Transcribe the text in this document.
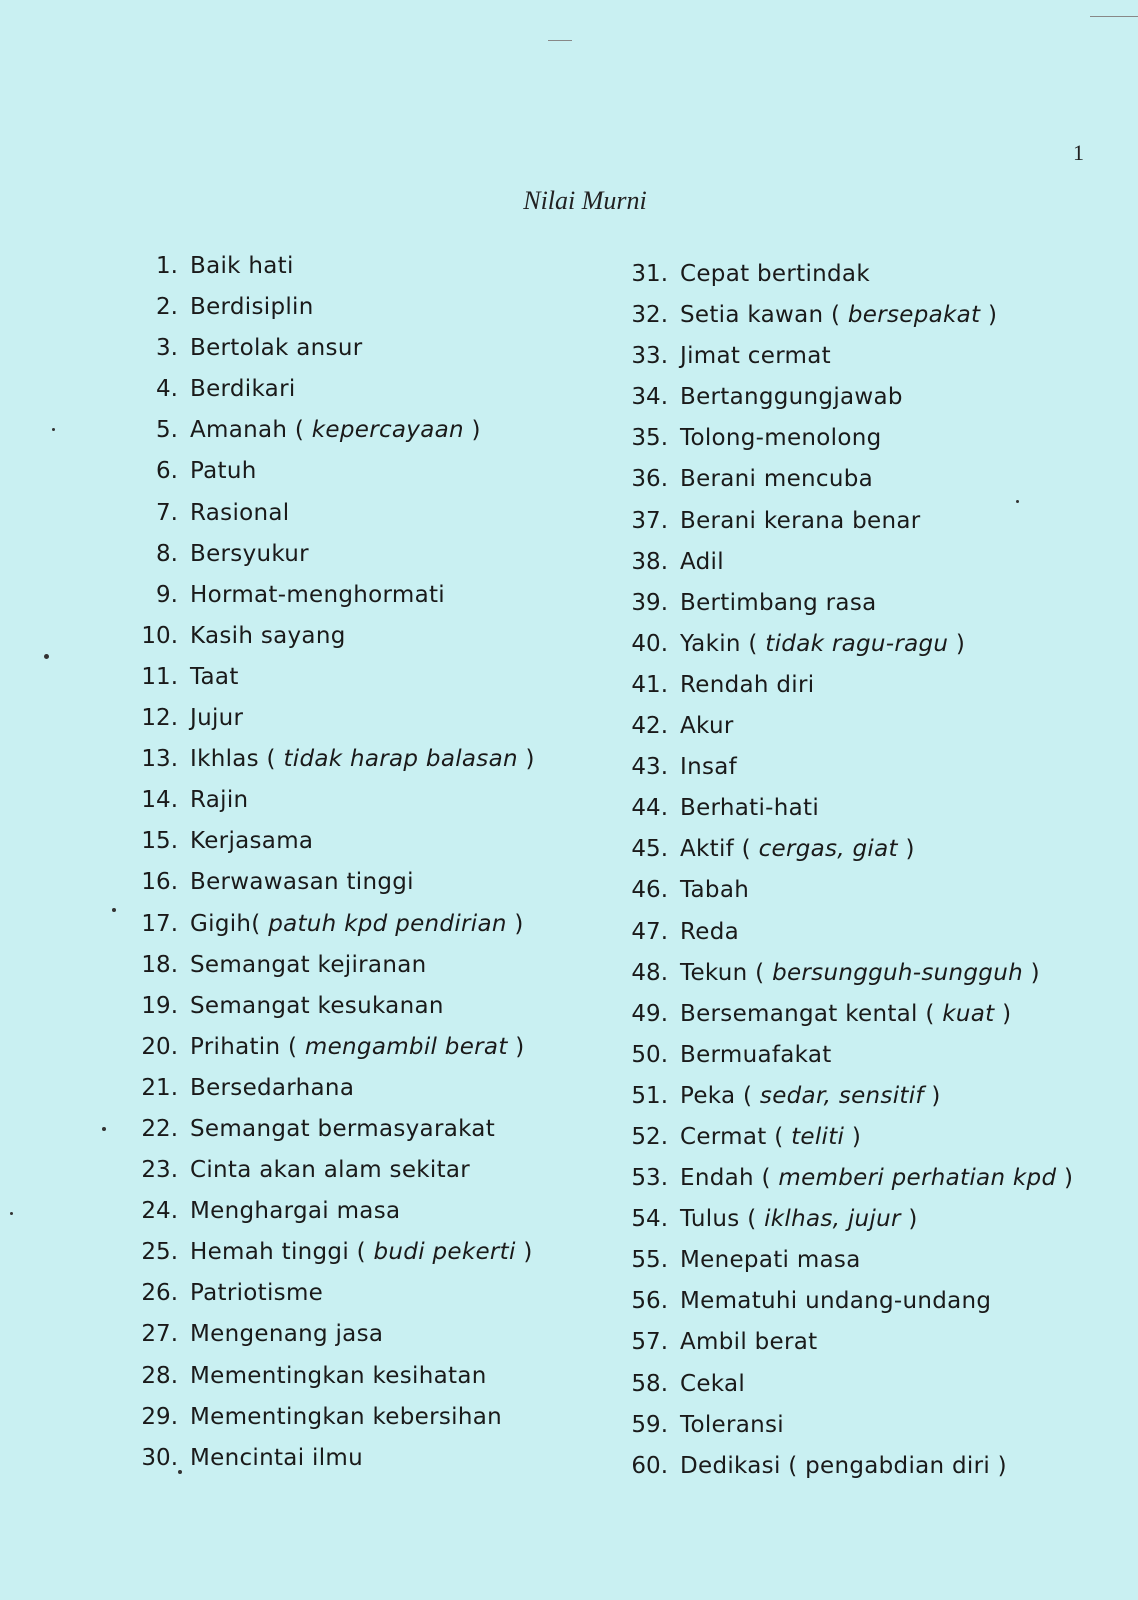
1
Nilai Murni
1. Baik hati
2. Berdisiplin
3. Bertolak ansur
4. Berdikari
5. Amanah ( kepercayaan )
6. Patuh
7. Rasional
8. Bersyukur
9. Hormat-menghormati
10. Kasih sayang
11. Taat
12. Jujur
13. Ikhlas ( tidak harap balasan )
14. Rajin
15. Kerjasama
16. Berwawasan tinggi
17. Gigih( patuh kpd pendirian )
18. Semangat kejiranan
19. Semangat kesukanan
20. Prihatin ( mengambil berat )
21. Bersedarhana
22. Semangat bermasyarakat
23. Cinta akan alam sekitar
24. Menghargai masa
25. Hemah tinggi ( budi pekerti )
26. Patriotisme
27. Mengenang jasa
28. Mementingkan kesihatan
29. Mementingkan kebersihan
30. Mencintai ilmu
31. Cepat bertindak
32. Setia kawan ( bersepakat )
33. Jimat cermat
34. Bertanggungjawab
35. Tolong-menolong
36. Berani mencuba
37. Berani kerana benar
38. Adil
39. Bertimbang rasa
40. Yakin ( tidak ragu-ragu )
41. Rendah diri
42. Akur
43. Insaf
44. Berhati-hati
45. Aktif ( cergas, giat )
46. Tabah
47. Reda
48. Tekun ( bersungguh-sungguh )
49. Bersemangat kental ( kuat )
50. Bermuafakat
51. Peka ( sedar, sensitif )
52. Cermat ( teliti )
53. Endah ( memberi perhatian kpd )
54. Tulus ( iklhas, jujur )
55. Menepati masa
56. Mematuhi undang-undang
57. Ambil berat
58. Cekal
59. Toleransi
60. Dedikasi ( pengabdian diri )
